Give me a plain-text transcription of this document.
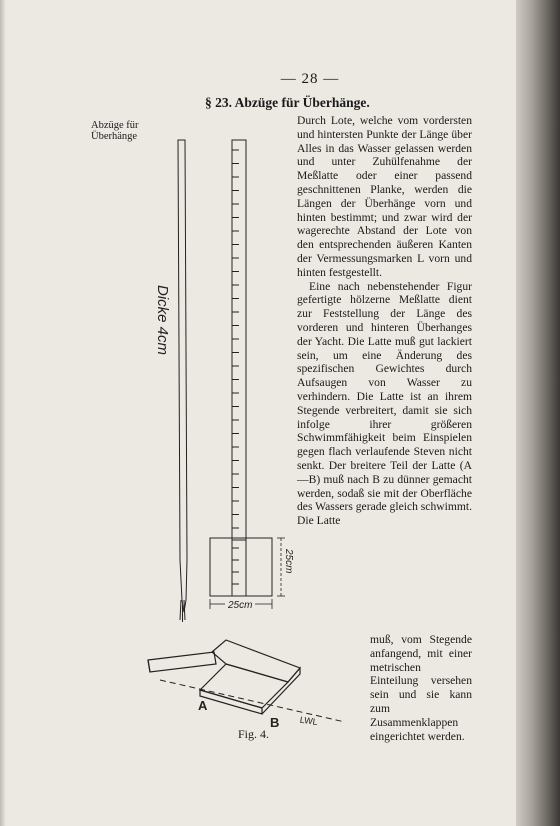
— 28 —
§ 23. Abzüge für Überhänge.
Abzüge für Überhänge

Durch Lote, welche vom vordersten und hintersten Punkte der Länge über Alles in das Wasser gelassen werden und unter Zuhülfenahme der Meßlatte oder einer passend geschnittenen Planke, werden die Längen der Überhänge vorn und hinten bestimmt; und zwar wird der wagerechte Abstand der Lote von den entsprechenden äußeren Kanten der Vermessungsmarken L vorn und hinten festgestellt.

Eine nach nebenstehender Figur gefertigte hölzerne Meßlatte dient zur Feststellung der Länge des vorderen und hinteren Überhanges der Yacht. Die Latte muß gut lackiert sein, um eine Änderung des spezifischen Gewichtes durch Aufsaugen von Wasser zu verhindern. Die Latte ist an ihrem Stegende verbreitert, damit sie sich infolge ihrer größeren Schwimmfähigkeit beim Einspielen gegen flach verlaufende Steven nicht senkt. Der breitere Teil der Latte (A—B) muß nach B zu dünner gemacht werden, sodaß sie mit der Oberfläche des Wassers gerade gleich schwimmt. Die Latte

muß, vom Stegende anfangend, mit einer metrischen Einteilung versehen sein und sie kann zum Zusammenklappen eingerichtet werden.
Dicke 4cm
25cm
25cm
A
B LWL
Fig. 4.
